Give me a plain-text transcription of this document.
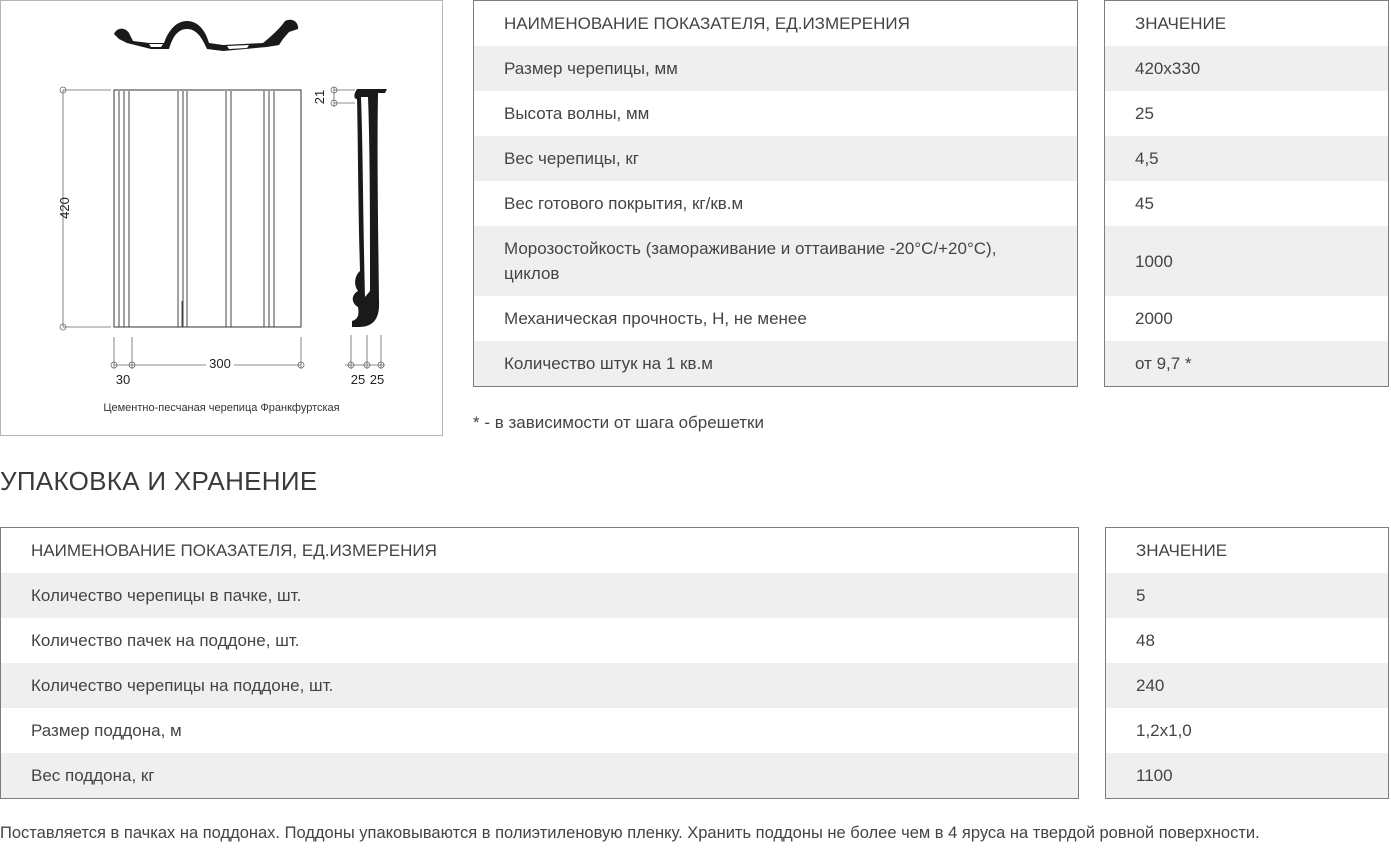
420
300
30
21
25 25
Цементно-песчаная черепица Франкфуртская
НАИМЕНОВАНИЕ ПОКАЗАТЕЛЯ, ЕД.ИЗМЕРЕНИЯ
Размер черепицы, мм
Высота волны, мм
Вес черепицы, кг
Вес готового покрытия, кг/кв.м
Морозостойкость (замораживание и оттаивание -20°C/+20°C),
циклов
Механическая прочность, Н, не менее
Количество штук на 1 кв.м
ЗНАЧЕНИЕ
420х330
25
4,5
45
1000
2000
от 9,7 *
* - в зависимости от шага обрешетки
УПАКОВКА И ХРАНЕНИЕ
НАИМЕНОВАНИЕ ПОКАЗАТЕЛЯ, ЕД.ИЗМЕРЕНИЯ
Количество черепицы в пачке, шт.
Количество пачек на поддоне, шт.
Количество черепицы на поддоне, шт.
Размер поддона, м
Вес поддона, кг
ЗНАЧЕНИЕ
5
48
240
1,2х1,0
1100
Поставляется в пачках на поддонах. Поддоны упаковываются в полиэтиленовую пленку. Хранить поддоны не более чем в 4 яруса на твердой ровной поверхности.
